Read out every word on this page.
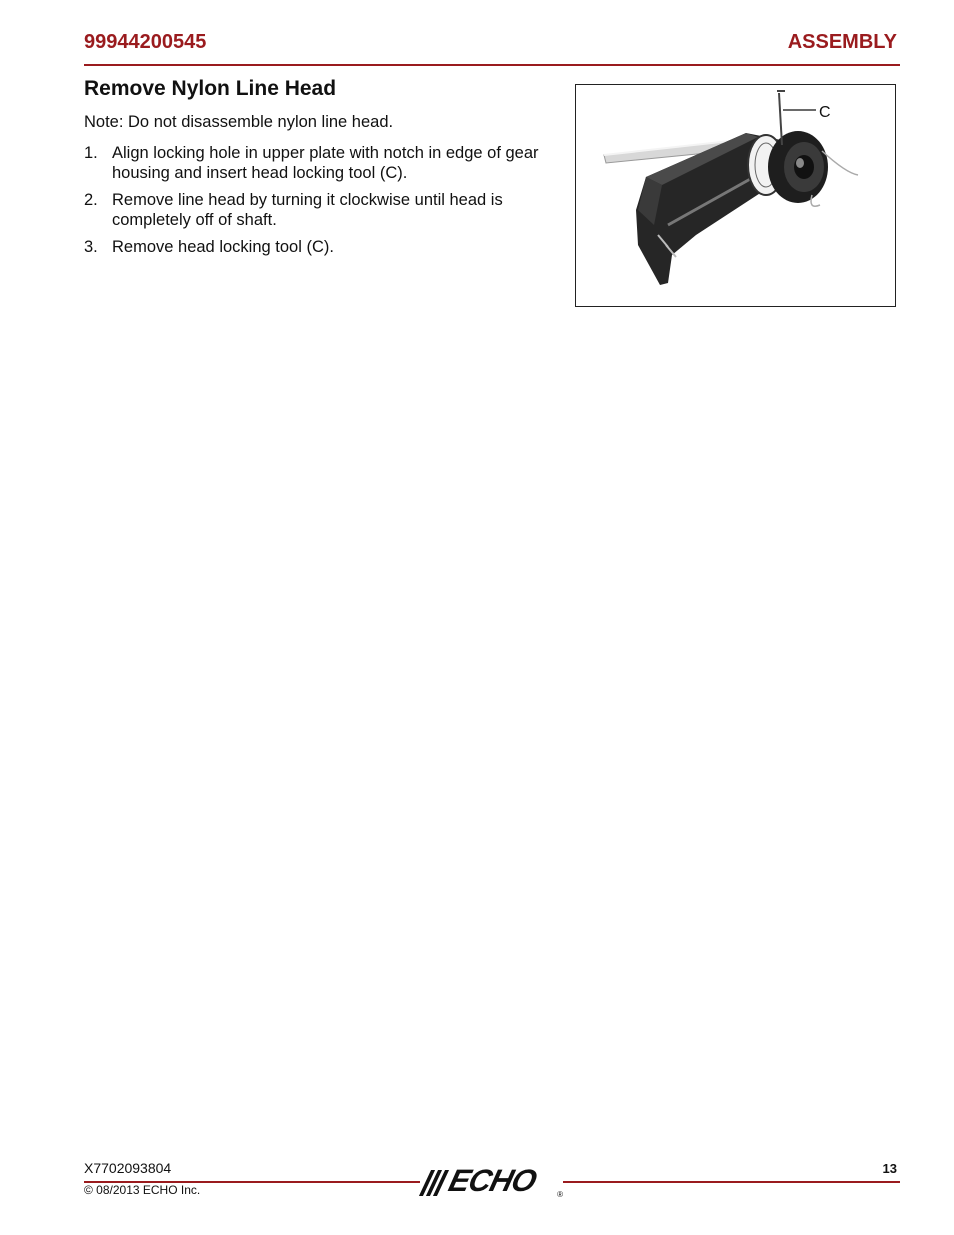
99944200545	ASSEMBLY
Remove Nylon Line Head
Note: Do not disassemble nylon line head.
1. Align locking hole in upper plate with notch in edge of gear housing and insert head locking tool (C).
2. Remove line head by turning it clockwise until head is completely off of shaft.
3. Remove head locking tool (C).
C
X7702093804
© 08/2013 ECHO Inc.
13
ECHO ®
